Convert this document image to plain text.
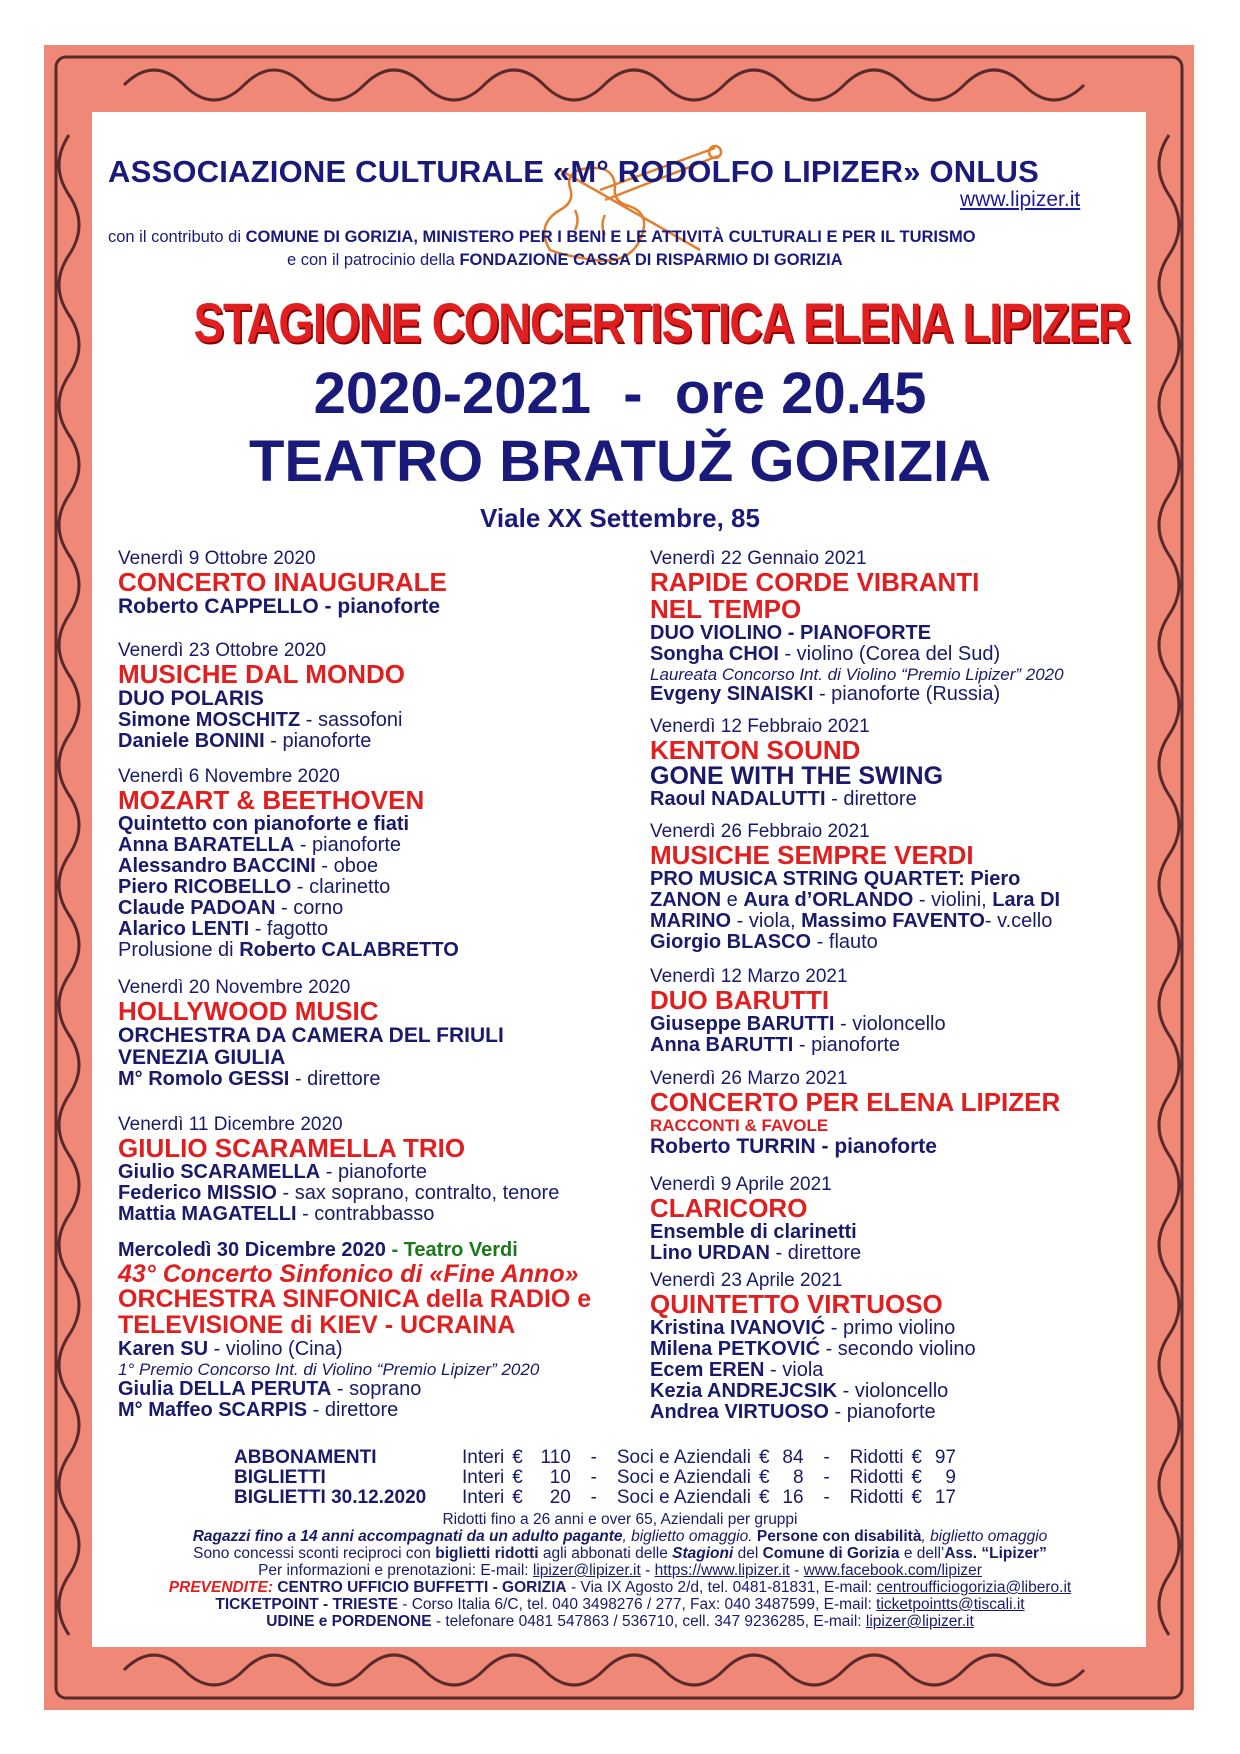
ASSOCIAZIONE CULTURALE «M° RODOLFO LIPIZER» ONLUS
www.lipizer.it
con il contributo di COMUNE DI GORIZIA, MINISTERO PER I BENI E LE ATTIVITÀ CULTURALI E PER IL TURISMO
e con il patrocinio della FONDAZIONE CASSA DI RISPARMIO DI GORIZIA
STAGIONE CONCERTISTICA ELENA LIPIZER
2020-2021  -  ore 20.45
TEATRO BRATUŽ GORIZIA
Viale XX Settembre, 85
Venerdì 9 Ottobre 2020
CONCERTO INAUGURALE
Roberto CAPPELLO - pianoforte
Venerdì 23 Ottobre 2020
MUSICHE DAL MONDO
DUO POLARIS
Simone MOSCHITZ - sassofoni
Daniele BONINI - pianoforte
Venerdì 6 Novembre 2020
MOZART & BEETHOVEN
Quintetto con pianoforte e fiati
Anna BARATELLA - pianoforte
Alessandro BACCINI - oboe
Piero RICOBELLO - clarinetto
Claude PADOAN - corno
Alarico LENTI - fagotto
Prolusione di Roberto CALABRETTO
Venerdì 20 Novembre 2020
HOLLYWOOD MUSIC
ORCHESTRA DA CAMERA DEL FRIULI
VENEZIA GIULIA
M° Romolo GESSI - direttore
Venerdì 11 Dicembre 2020
GIULIO SCARAMELLA TRIO
Giulio SCARAMELLA - pianoforte
Federico MISSIO - sax soprano, contralto, tenore
Mattia MAGATELLI - contrabbasso
Mercoledì 30 Dicembre 2020 - Teatro Verdi
43° Concerto Sinfonico di «Fine Anno»
ORCHESTRA SINFONICA della RADIO e
TELEVISIONE di KIEV - UCRAINA
Karen SU - violino (Cina)
1° Premio Concorso Int. di Violino “Premio Lipizer” 2020
Giulia DELLA PERUTA - soprano
M° Maffeo SCARPIS - direttore
Venerdì 22 Gennaio 2021
RAPIDE CORDE VIBRANTI
NEL TEMPO
DUO VIOLINO - PIANOFORTE
Songha CHOI - violino (Corea del Sud)
Laureata Concorso Int. di Violino “Premio Lipizer” 2020
Evgeny SINAISKI - pianoforte (Russia)
Venerdì 12 Febbraio 2021
KENTON SOUND
GONE WITH THE SWING
Raoul NADALUTTI - direttore
Venerdì 26 Febbraio 2021
MUSICHE SEMPRE VERDI
PRO MUSICA STRING QUARTET: Piero
ZANON e Aura d’ORLANDO - violini, Lara DI
MARINO - viola, Massimo FAVENTO- v.cello
Giorgio BLASCO - flauto
Venerdì 12 Marzo 2021
DUO BARUTTI
Giuseppe BARUTTI - violoncello
Anna BARUTTI - pianoforte
Venerdì 26 Marzo 2021
CONCERTO PER ELENA LIPIZER
RACCONTI & FAVOLE
Roberto TURRIN - pianoforte
Venerdì 9 Aprile 2021
CLARICORO
Ensemble di clarinetti
Lino URDAN - direttore
Venerdì 23 Aprile 2021
QUINTETTO VIRTUOSO
Kristina IVANOVIĆ - primo violino
Milena PETKOVIĆ - secondo violino
Ecem EREN - viola
Kezia ANDREJCSIK - violoncello
Andrea VIRTUOSO - pianoforte
ABBONAMENTI	Interi	€	110	-	Soci e Aziendali	€	84	-	Ridotti	€	97
BIGLIETTI	Interi	€	10	-	Soci e Aziendali	€	8	-	Ridotti	€	9
BIGLIETTI 30.12.2020	Interi	€	20	-	Soci e Aziendali	€	16	-	Ridotti	€	17
Ridotti fino a 26 anni e over 65, Aziendali per gruppi
Ragazzi fino a 14 anni accompagnati da un adulto pagante, biglietto omaggio. Persone con disabilità, biglietto omaggio
Sono concessi sconti reciproci con biglietti ridotti agli abbonati delle Stagioni del Comune di Gorizia e dell’Ass. “Lipizer”
Per informazioni e prenotazioni: E-mail: lipizer@lipizer.it - https://www.lipizer.it - www.facebook.com/lipizer
PREVENDITE: CENTRO UFFICIO BUFFETTI - GORIZIA - Via IX Agosto 2/d, tel. 0481-81831, E-mail: centroufficiogorizia@libero.it
TICKETPOINT - TRIESTE - Corso Italia 6/C, tel. 040 3498276 / 277, Fax: 040 3487599, E-mail: ticketpointts@tiscali.it
UDINE e PORDENONE - telefonare 0481 547863 / 536710, cell. 347 9236285, E-mail: lipizer@lipizer.it
